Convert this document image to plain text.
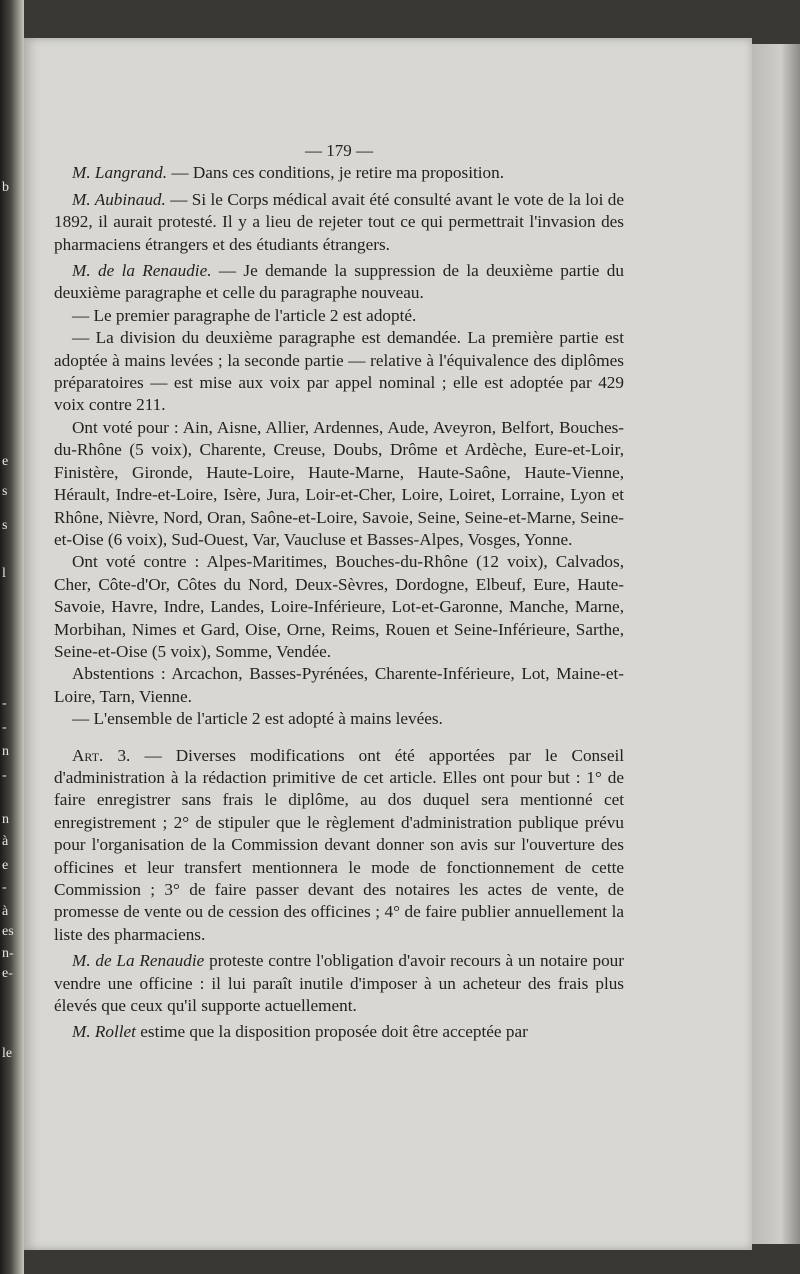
b
e
s
s
l
-
-
n
-
n
à
e
-
à
es
n-
e-
le

— 179 —

M. Langrand. — Dans ces conditions, je retire ma proposition.

M. Aubinaud. — Si le Corps médical avait été consulté avant le vote de la loi de 1892, il aurait protesté. Il y a lieu de rejeter tout ce qui permettrait l'invasion des pharmaciens étrangers et des étudiants étrangers.

M. de la Renaudie. — Je demande la suppression de la deuxième partie du deuxième paragraphe et celle du paragraphe nouveau.

— Le premier paragraphe de l'article 2 est adopté.

— La division du deuxième paragraphe est demandée. La première partie est adoptée à mains levées ; la seconde partie — relative à l'équivalence des diplômes préparatoires — est mise aux voix par appel nominal ; elle est adoptée par 429 voix contre 211.

Ont voté pour : Ain, Aisne, Allier, Ardennes, Aude, Aveyron, Belfort, Bouches-du-Rhône (5 voix), Charente, Creuse, Doubs, Drôme et Ardèche, Eure-et-Loir, Finistère, Gironde, Haute-Loire, Haute-Marne, Haute-Saône, Haute-Vienne, Hérault, Indre-et-Loire, Isère, Jura, Loir-et-Cher, Loire, Loiret, Lorraine, Lyon et Rhône, Nièvre, Nord, Oran, Saône-et-Loire, Savoie, Seine, Seine-et-Marne, Seine-et-Oise (6 voix), Sud-Ouest, Var, Vaucluse et Basses-Alpes, Vosges, Yonne.

Ont voté contre : Alpes-Maritimes, Bouches-du-Rhône (12 voix), Calvados, Cher, Côte-d'Or, Côtes du Nord, Deux-Sèvres, Dordogne, Elbeuf, Eure, Haute-Savoie, Havre, Indre, Landes, Loire-Inférieure, Lot-et-Garonne, Manche, Marne, Morbihan, Nimes et Gard, Oise, Orne, Reims, Rouen et Seine-Inférieure, Sarthe, Seine-et-Oise (5 voix), Somme, Vendée.

Abstentions : Arcachon, Basses-Pyrénées, Charente-Inférieure, Lot, Maine-et-Loire, Tarn, Vienne.

— L'ensemble de l'article 2 est adopté à mains levées.

Art. 3. — Diverses modifications ont été apportées par le Conseil d'administration à la rédaction primitive de cet article. Elles ont pour but : 1° de faire enregistrer sans frais le diplôme, au dos duquel sera mentionné cet enregistrement ; 2° de stipuler que le règlement d'administration publique prévu pour l'organisation de la Commission devant donner son avis sur l'ouverture des officines et leur transfert mentionnera le mode de fonctionnement de cette Commission ; 3° de faire passer devant des notaires les actes de vente, de promesse de vente ou de cession des officines ; 4° de faire publier annuellement la liste des pharmaciens.

M. de La Renaudie proteste contre l'obligation d'avoir recours à un notaire pour vendre une officine : il lui paraît inutile d'imposer à un acheteur des frais plus élevés que ceux qu'il supporte actuellement.

M. Rollet estime que la disposition proposée doit être acceptée par
